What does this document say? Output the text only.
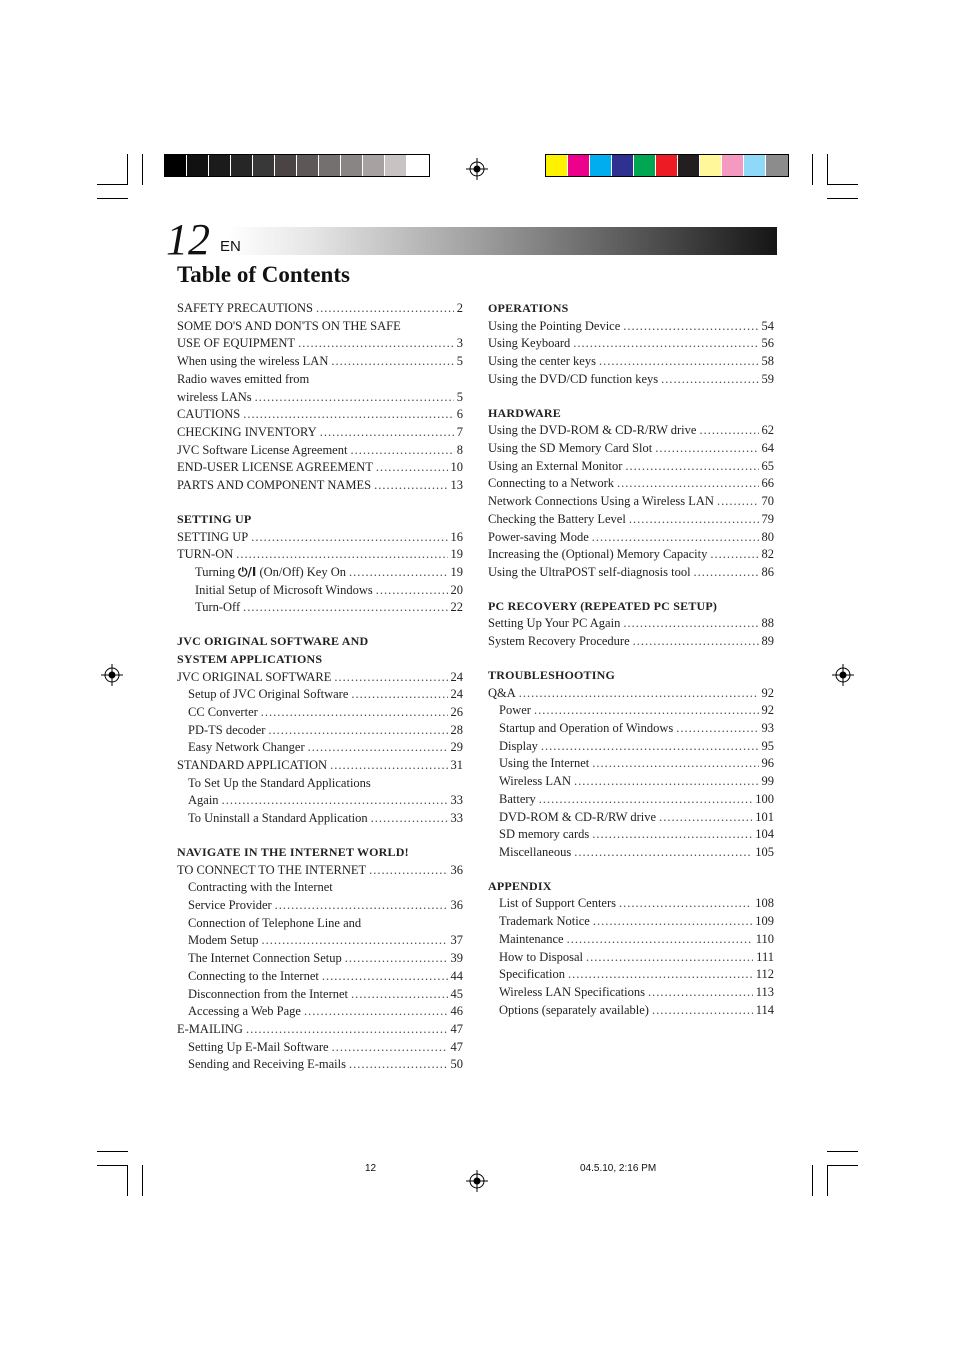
12 EN
Table of Contents
SAFETY PRECAUTIONS .....	2
SOME DO'S AND DON'TS ON THE SAFE
USE OF EQUIPMENT .....	3
When using the wireless LAN .....	5
Radio waves emitted from
wireless LANs .....	5
CAUTIONS .....	6
CHECKING INVENTORY .....	7
JVC Software License Agreement .....	8
END-USER LICENSE AGREEMENT .....	10
PARTS AND COMPONENT NAMES .....	13
SETTING UP
SETTING UP .....	16
TURN-ON .....	19
Turning ⏻/I (On/Off) Key On .....	19
Initial Setup of Microsoft Windows .....	20
Turn-Off .....	22
JVC ORIGINAL SOFTWARE AND
SYSTEM APPLICATIONS
JVC ORIGINAL SOFTWARE .....	24
Setup of JVC Original Software .....	24
CC Converter .....	26
PD-TS decoder .....	28
Easy Network Changer .....	29
STANDARD APPLICATION .....	31
To Set Up the Standard Applications
Again .....	33
To Uninstall a Standard Application .....	33
NAVIGATE IN THE INTERNET WORLD!
TO CONNECT TO THE INTERNET .....	36
Contracting with the Internet
Service Provider .....	36
Connection of Telephone Line and
Modem Setup .....	37
The Internet Connection Setup .....	39
Connecting to the Internet .....	44
Disconnection from the Internet .....	45
Accessing a Web Page .....	46
E-MAILING .....	47
Setting Up E-Mail Software .....	47
Sending and Receiving E-mails .....	50
OPERATIONS
Using the Pointing Device .....	54
Using Keyboard .....	56
Using the center keys .....	58
Using the DVD/CD function keys .....	59
HARDWARE
Using the DVD-ROM & CD-R/RW drive .....	62
Using the SD Memory Card Slot .....	64
Using an External Monitor .....	65
Connecting to a Network .....	66
Network Connections Using a Wireless LAN .....	70
Checking the Battery Level .....	79
Power-saving Mode .....	80
Increasing the (Optional) Memory Capacity .....	82
Using the UltraPOST self-diagnosis tool .....	86
PC RECOVERY (REPEATED PC SETUP)
Setting Up Your PC Again .....	88
System Recovery Procedure .....	89
TROUBLESHOOTING
Q&A .....	92
Power .....	92
Startup and Operation of Windows .....	93
Display .....	95
Using the Internet .....	96
Wireless LAN .....	99
Battery .....	100
DVD-ROM & CD-R/RW drive .....	101
SD memory cards .....	104
Miscellaneous .....	105
APPENDIX
List of Support Centers .....	108
Trademark Notice .....	109
Maintenance .....	110
How to Disposal .....	111
Specification .....	112
Wireless LAN Specifications .....	113
Options (separately available) .....	114
12	04.5.10, 2:16 PM
